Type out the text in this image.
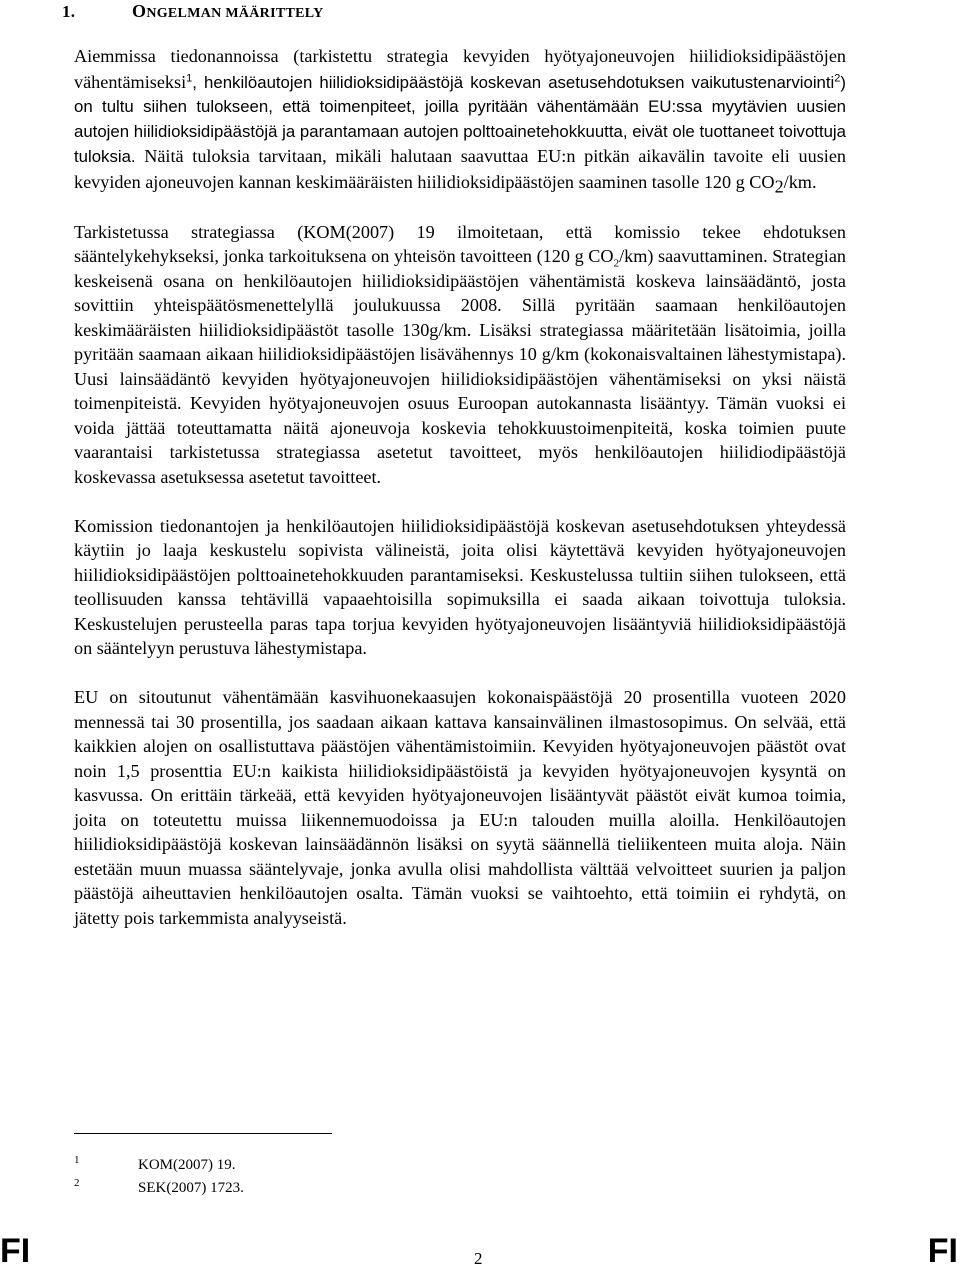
1.	ONGELMAN MÄÄRITTELY

Aiemmissa tiedonannoissa (tarkistettu strategia kevyiden hyötyajoneuvojen hiilidioksidipäästöjen vähentämiseksi$^1$, henkilöautojen hiilidioksidipäästöjä koskevan asetusehdotuksen vaikutustenarviointi$^2$) on tultu siihen tulokseen, että toimenpiteet, joilla pyritään vähentämään EU:ssa myytävien uusien autojen hiilidioksidipäästöjä ja parantamaan autojen polttoainetehokkuutta, eivät ole tuottaneet toivottuja tuloksia. Näitä tuloksia tarvitaan, mikäli halutaan saavuttaa EU:n pitkän aikavälin tavoite eli uusien kevyiden ajoneuvojen kannan keskimääräisten hiilidioksidipäästöjen saaminen tasolle 120 g $CO_2/km$.

Tarkistetussa strategiassa (KOM(2007) 19 ilmoitetaan, että komissio tekee ehdotuksen sääntelykehykseksi, jonka tarkoituksena on yhteisön tavoitteen (120 g $CO_2/km$) saavuttaminen. Strategian keskeisenä osana on henkilöautojen hiilidioksidipäästöjen vähentämistä koskeva lainsäädäntö, josta sovittiin yhteispäätösmenettelyllä joulukuussa 2008. Sillä pyritään saamaan henkilöautojen keskimääräisten hiilidioksidipäästöt tasolle 130g/km. Lisäksi strategiassa määritetään lisätoimia, joilla pyritään saamaan aikaan hiilidioksidipäästöjen lisävähennys 10 g/km (kokonaisvaltainen lähestymistapa). Uusi lainsäädäntö kevyiden hyötyajoneuvojen hiilidioksidipäästöjen vähentämiseksi on yksi näistä toimenpiteistä. Kevyiden hyötyajoneuvojen osuus Euroopan autokannasta lisääntyy. Tämän vuoksi ei voida jättää toteuttamatta näitä ajoneuvoja koskevia tehokkuustoimenpiteitä, koska toimien puute vaarantaisi tarkistetussa strategiassa asetetut tavoitteet, myös henkilöautojen hiilidiodipäästöjä koskevassa asetuksessa asetetut tavoitteet.

Komission tiedonantojen ja henkilöautojen hiilidioksidipäästöjä koskevan asetusehdotuksen yhteydessä käytiin jo laaja keskustelu sopivista välineistä, joita olisi käytettävä kevyiden hyötyajoneuvojen hiilidioksidipäästöjen polttoainetehokkuuden parantamiseksi. Keskustelussa tultiin siihen tulokseen, että teollisuuden kanssa tehtävillä vapaaehtoisilla sopimuksilla ei saada aikaan toivottuja tuloksia. Keskustelujen perusteella paras tapa torjua kevyiden hyötyajoneuvojen lisääntyviä hiilidioksidipäästöjä on sääntelyyn perustuva lähestymistapa.

EU on sitoutunut vähentämään kasvihuonekaasujen kokonaispäästöjä 20 prosentilla vuoteen 2020 mennessä tai 30 prosentilla, jos saadaan aikaan kattava kansainvälinen ilmastosopimus. On selvää, että kaikkien alojen on osallistuttava päästöjen vähentämistoimiin. Kevyiden hyötyajoneuvojen päästöt ovat noin 1,5 prosenttia EU:n kaikista hiilidioksidipäästöistä ja kevyiden hyötyajoneuvojen kysyntä on kasvussa. On erittäin tärkeää, että kevyiden hyötyajoneuvojen lisääntyvät päästöt eivät kumoa toimia, joita on toteutettu muissa liikennemuodoissa ja EU:n talouden muilla aloilla. Henkilöautojen hiilidioksidipäästöjä koskevan lainsäädännön lisäksi on syytä säännellä tieliikenteen muita aloja. Näin estetään muun muassa sääntelyvaje, jonka avulla olisi mahdollista välttää velvoitteet suurien ja paljon päästöjä aiheuttavien henkilöautojen osalta. Tämän vuoksi se vaihtoehto, että toimiin ei ryhdytä, on jätetty pois tarkemmista analyyseistä.

1	KOM(2007) 19.
2	SEK(2007) 1723.
FI	2	FI
